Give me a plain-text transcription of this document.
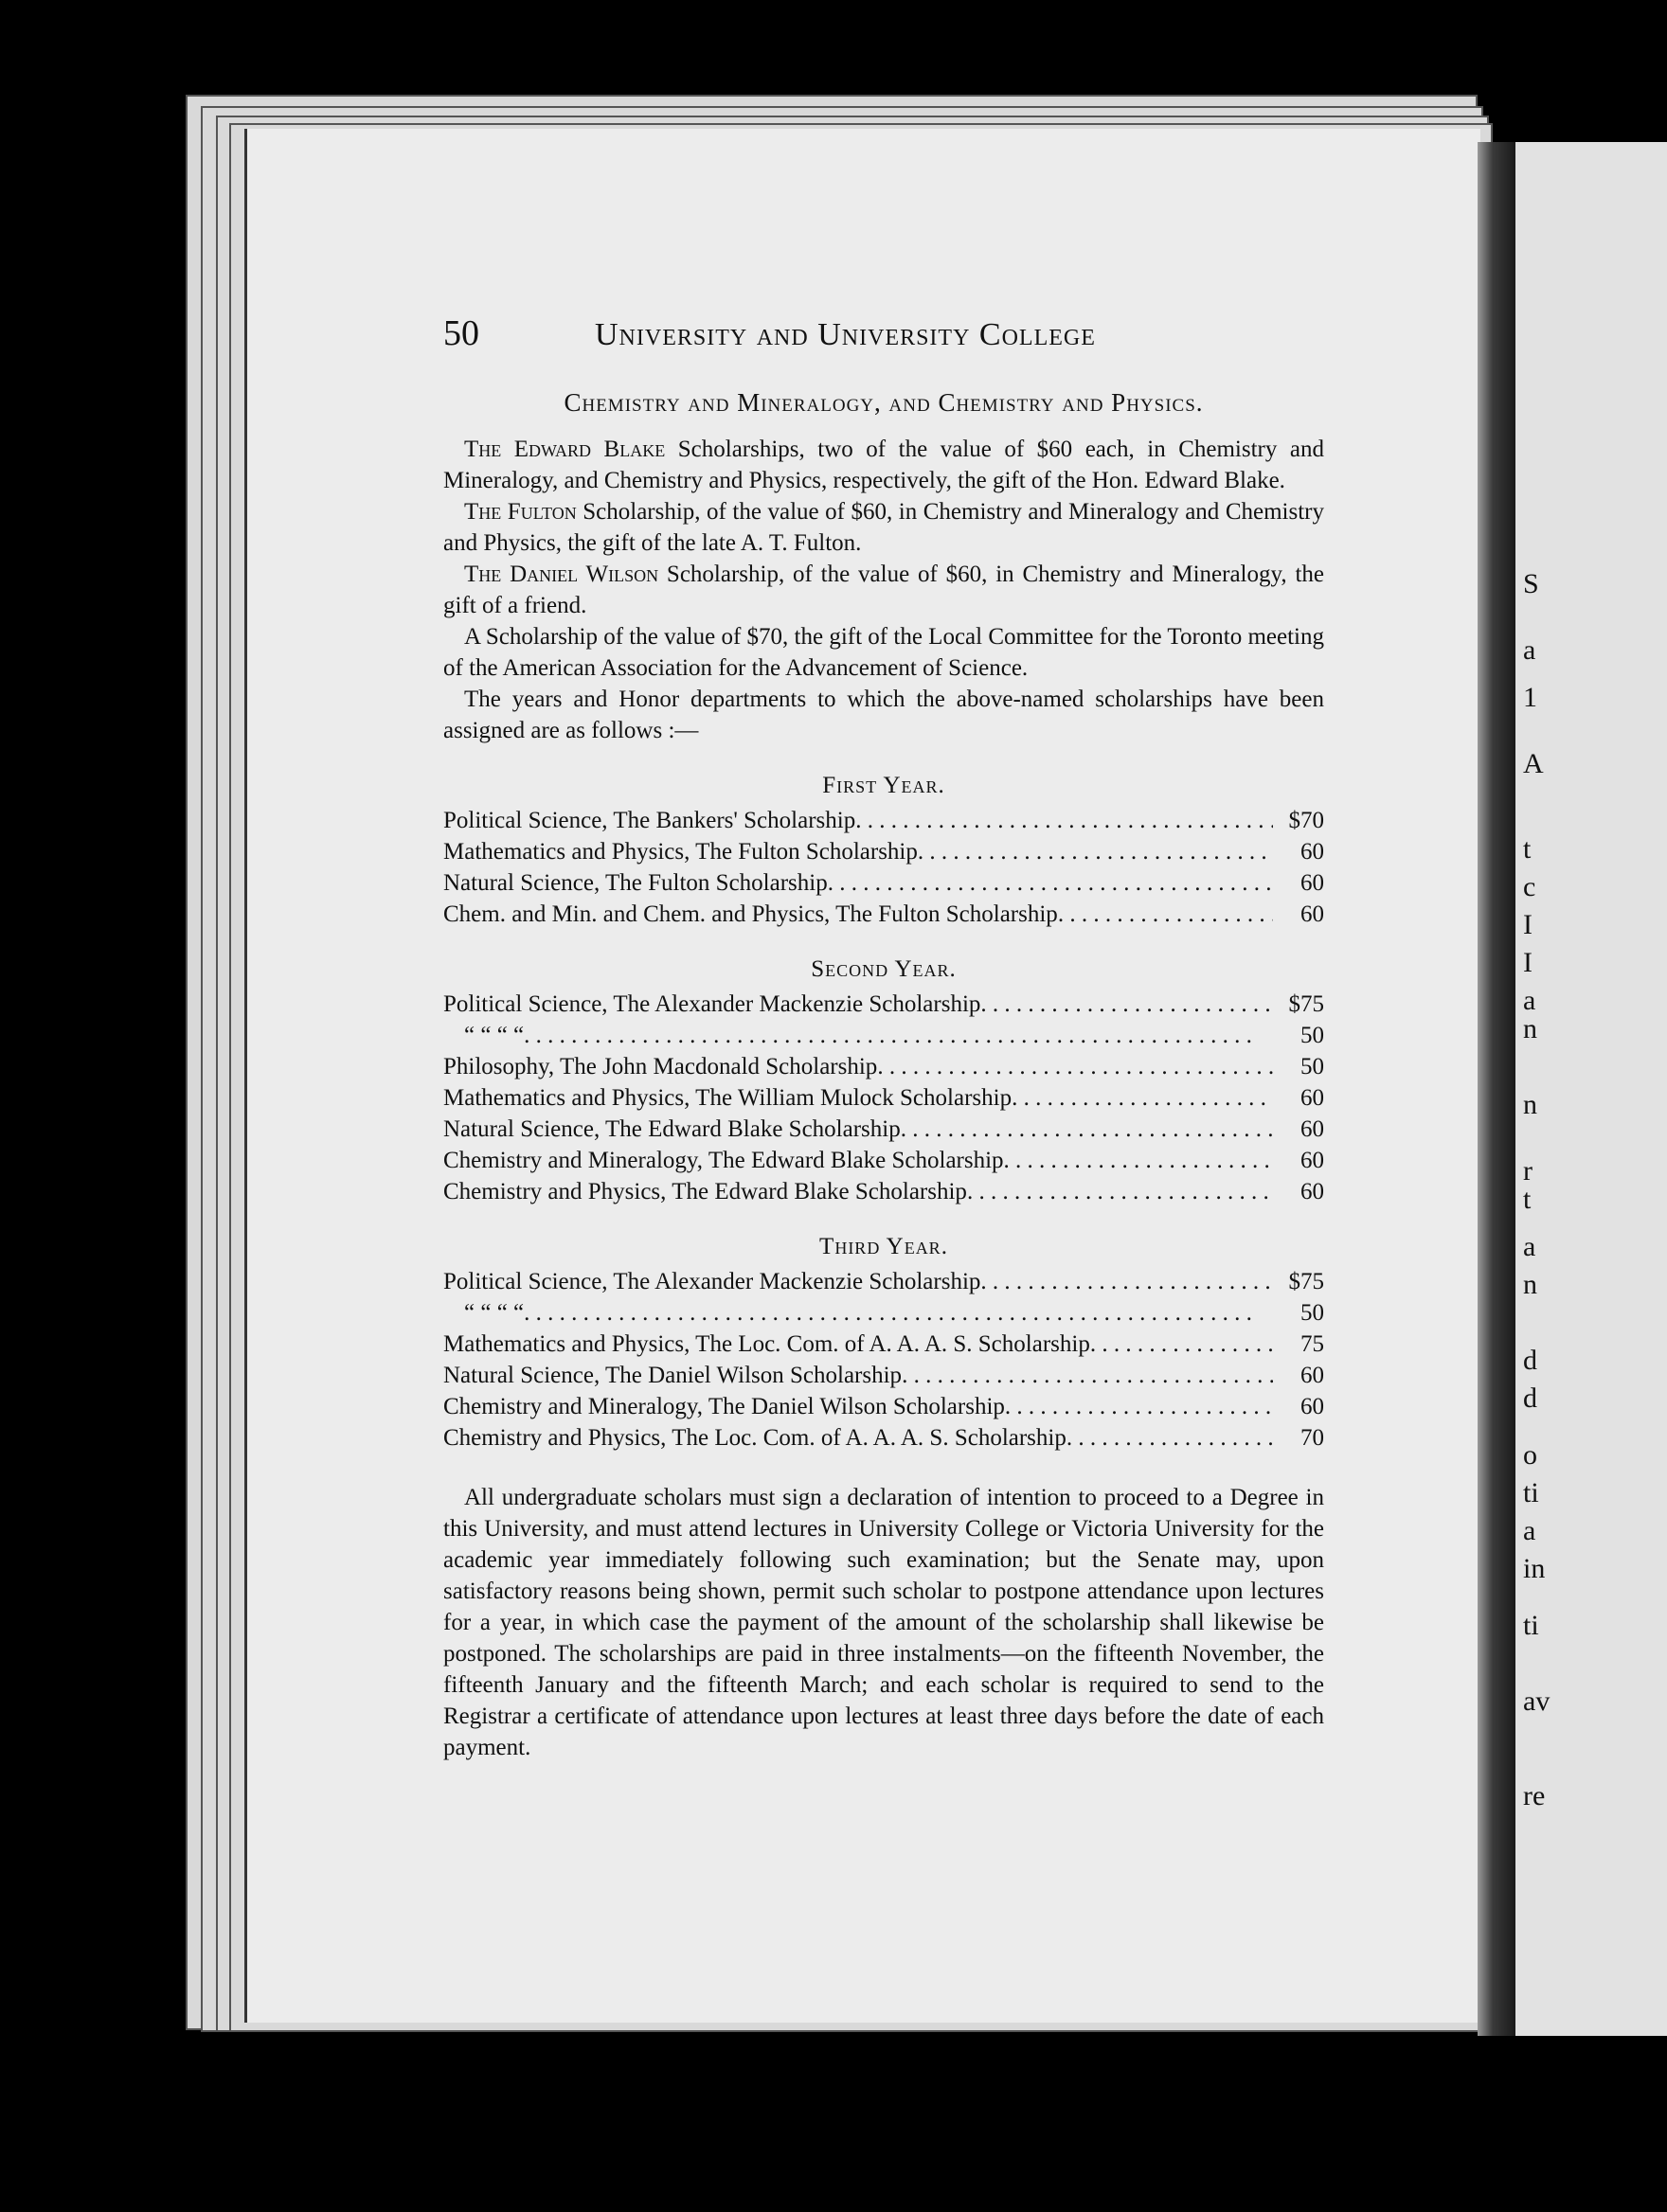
S
a
1
A
t
c
I
I
a
n
n
r
t
a
n
d
d
o
ti
a
in
ti
av
re
50	University and University College
Chemistry and Mineralogy, and Chemistry and Physics.

The Edward Blake Scholarships, two of the value of $60 each, in Chemistry and Mineralogy, and Chemistry and Physics, respectively, the gift of the Hon. Edward Blake.

The Fulton Scholarship, of the value of $60, in Chemistry and Mineralogy and Chemistry and Physics, the gift of the late A. T. Fulton.

The Daniel Wilson Scholarship, of the value of $60, in Chemistry and Mineralogy, the gift of a friend.

A Scholarship of the value of $70, the gift of the Local Committee for the Toronto meeting of the American Association for the Advancement of Science.

The years and Honor departments to which the above-named scholarships have been assigned are as follows :—

First Year.
Political Science, The Bankers' Scholarship . . .	$70
Mathematics and Physics, The Fulton Scholarship . . .	60
Natural Science, The Fulton Scholarship . . .	60
Chem. and Min. and Chem. and Physics, The Fulton Scholarship . . .	60
Second Year.
Political Science, The Alexander Mackenzie Scholarship . . .	$75
“ “ “ “ . . .	50
Philosophy, The John Macdonald Scholarship . . .	50
Mathematics and Physics, The William Mulock Scholarship . . .	60
Natural Science, The Edward Blake Scholarship . . .	60
Chemistry and Mineralogy, The Edward Blake Scholarship . . .	60
Chemistry and Physics, The Edward Blake Scholarship . . .	60
Third Year.
Political Science, The Alexander Mackenzie Scholarship . . .	$75
“ “ “ “ . . .	50
Mathematics and Physics, The Loc. Com. of A. A. A. S. Scholarship . . .	75
Natural Science, The Daniel Wilson Scholarship . . .	60
Chemistry and Mineralogy, The Daniel Wilson Scholarship . . .	60
Chemistry and Physics, The Loc. Com. of A. A. A. S. Scholarship . . .	70

All undergraduate scholars must sign a declaration of intention to proceed to a Degree in this University, and must attend lectures in University College or Victoria University for the academic year immediately following such examination; but the Senate may, upon satisfactory reasons being shown, permit such scholar to postpone attendance upon lectures for a year, in which case the payment of the amount of the scholarship shall likewise be postponed. The scholarships are paid in three instalments—on the fifteenth November, the fifteenth January and the fifteenth March; and each scholar is required to send to the Registrar a certificate of attendance upon lectures at least three days before the date of each payment.
